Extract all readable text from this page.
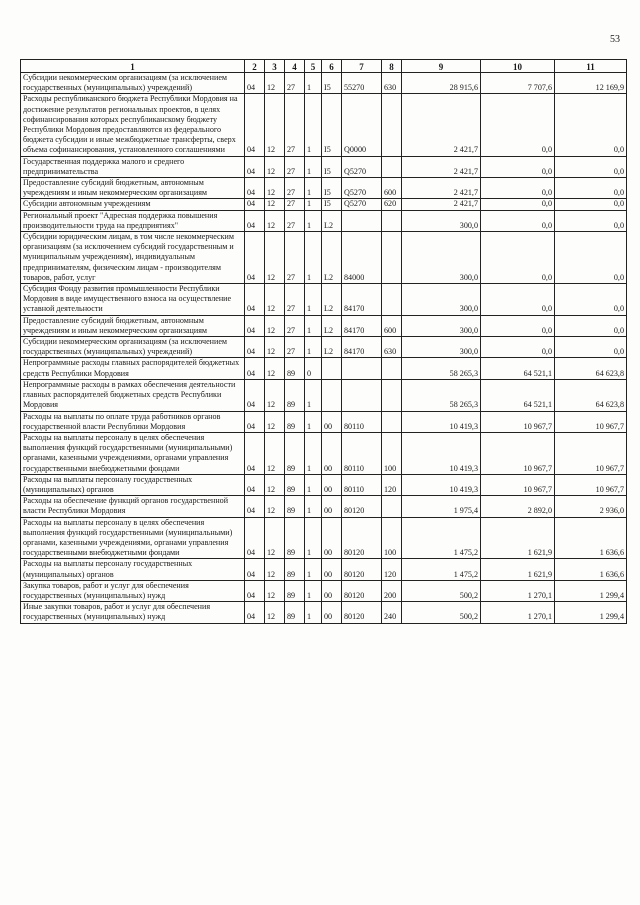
53
1	2	3	4	5	6	7	8	9	10	11
Субсидии некоммерческим организациям (за исключением государственных (муниципальных) учреждений)	04	12	27	1	I5	55270	630	28 915,6	7 707,6	12 169,9
Расходы республиканского бюджета Республики Мордовия на достижение результатов региональных проектов, в целях софинансирования которых республиканскому бюджету Республики Мордовия предоставляются из федерального бюджета субсидии и иные межбюджетные трансферты, сверх объема софинансирования, установленного соглашениями	04	12	27	1	I5	Q0000		2 421,7	0,0	0,0
Государственная поддержка малого и среднего предпринимательства	04	12	27	1	I5	Q5270		2 421,7	0,0	0,0
Предоставление субсидий бюджетным, автономным учреждениям и иным некоммерческим организациям	04	12	27	1	I5	Q5270	600	2 421,7	0,0	0,0
Субсидии автономным учреждениям	04	12	27	1	I5	Q5270	620	2 421,7	0,0	0,0
Региональный проект "Адресная поддержка повышения производительности труда на предприятиях"	04	12	27	1	L2			300,0	0,0	0,0
Субсидии юридическим лицам, в том числе некоммерческим организациям (за исключением субсидий государственным и муниципальным учреждениям), индивидуальным предпринимателям, физическим лицам - производителям товаров, работ, услуг	04	12	27	1	L2	84000		300,0	0,0	0,0
Субсидия Фонду развития промышленности Республики Мордовия в виде имущественного взноса на осуществление уставной деятельности	04	12	27	1	L2	84170		300,0	0,0	0,0
Предоставление субсидий бюджетным, автономным учреждениям и иным некоммерческим организациям	04	12	27	1	L2	84170	600	300,0	0,0	0,0
Субсидии некоммерческим организациям (за исключением государственных (муниципальных) учреждений)	04	12	27	1	L2	84170	630	300,0	0,0	0,0
Непрограммные расходы главных распорядителей бюджетных средств Республики Мордовия	04	12	89	0				58 265,3	64 521,1	64 623,8
Непрограммные расходы в рамках обеспечения деятельности главных распорядителей бюджетных средств Республики Мордовия	04	12	89	1				58 265,3	64 521,1	64 623,8
Расходы на выплаты по оплате труда работников органов государственной власти Республики Мордовия	04	12	89	1	00	80110		10 419,3	10 967,7	10 967,7
Расходы на выплаты персоналу в целях обеспечения выполнения функций государственными (муниципальными) органами, казенными учреждениями, органами управления государственными внебюджетными фондами	04	12	89	1	00	80110	100	10 419,3	10 967,7	10 967,7
Расходы на выплаты персоналу государственных (муниципальных) органов	04	12	89	1	00	80110	120	10 419,3	10 967,7	10 967,7
Расходы на обеспечение функций органов государственной власти Республики Мордовия	04	12	89	1	00	80120		1 975,4	2 892,0	2 936,0
Расходы на выплаты персоналу в целях обеспечения выполнения функций государственными (муниципальными) органами, казенными учреждениями, органами управления государственными внебюджетными фондами	04	12	89	1	00	80120	100	1 475,2	1 621,9	1 636,6
Расходы на выплаты персоналу государственных (муниципальных) органов	04	12	89	1	00	80120	120	1 475,2	1 621,9	1 636,6
Закупка товаров, работ и услуг для обеспечения государственных (муниципальных) нужд	04	12	89	1	00	80120	200	500,2	1 270,1	1 299,4
Иные закупки товаров, работ и услуг для обеспечения государственных (муниципальных) нужд	04	12	89	1	00	80120	240	500,2	1 270,1	1 299,4
